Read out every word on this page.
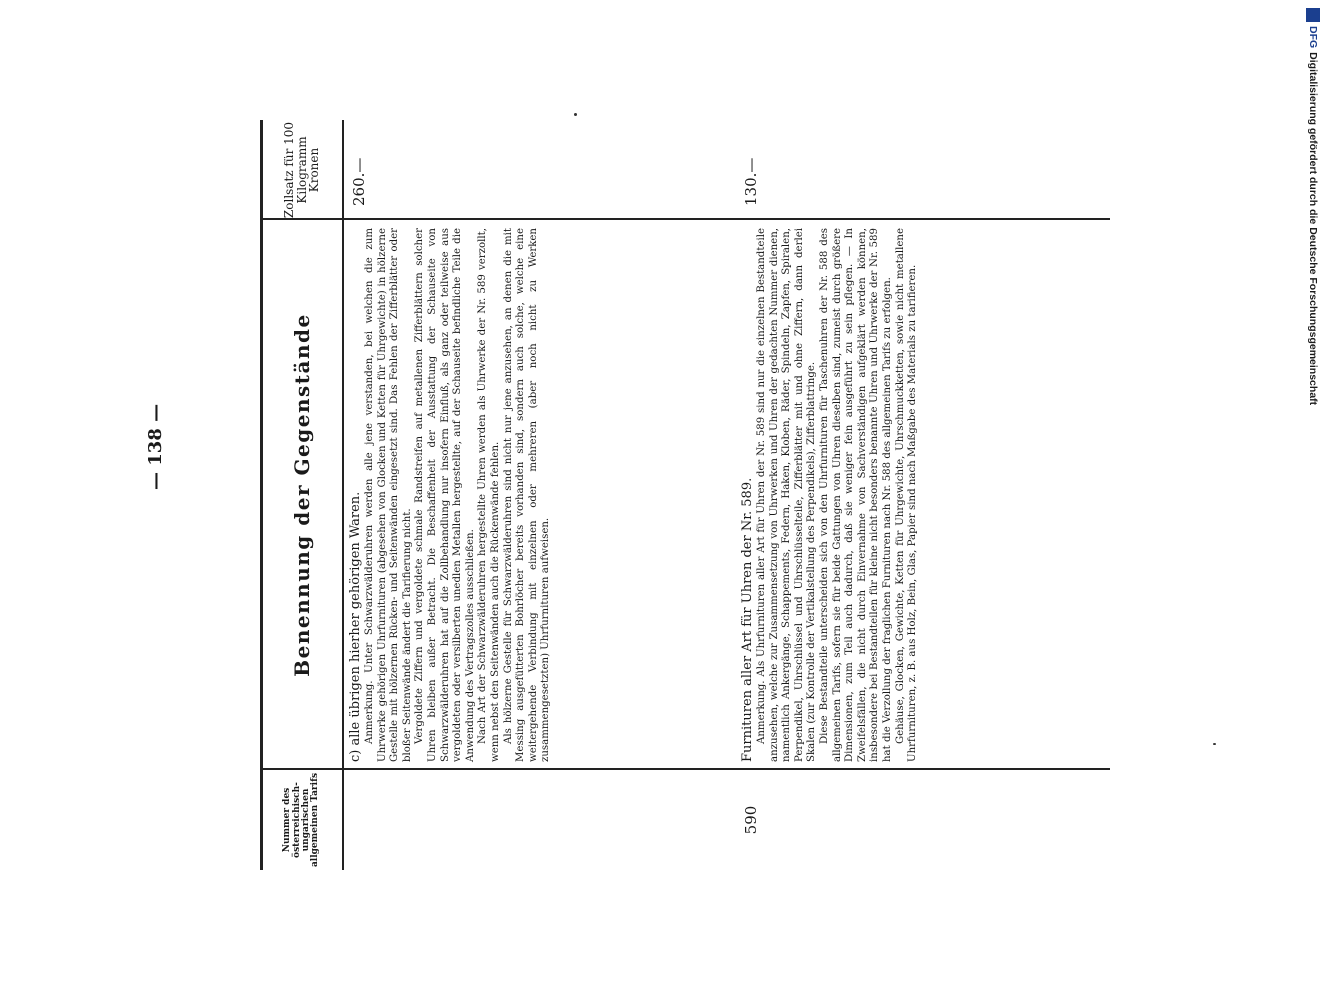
— 138 —
Nummer des österreichisch-ungarischen allgemeinen Tarifs
Benennung der Gegenstände
Zollsatz für 100 Kilogramm Kronen	260.—

c) alle übrigen hierher gehörigen Waren. Anmerkung. Unter Schwarzwälderuhren werden alle jene verstanden, bei welchen die zum Uhrwerke gehörigen Uhrfurnituren (abgesehen von Glocken und Ketten für Uhrgewichte) in hölzerne Gestelle mit hölzernen Rücken- und Seitenwänden eingesetzt sind. Das Fehlen der Zifferblätter oder bloßer Seitenwände ändert die Tarifierung nicht. Vergoldete Ziffern und vergoldete schmale Randstreifen auf metallenen Zifferblättern solcher Uhren bleiben außer Betracht. Die Beschaffenheit der Ausstattung der Schauseite von Schwarzwälderuhren hat auf die Zollbehandlung nur insofern Einfluß, als ganz oder teilweise aus vergoldeten oder versilberten unedlen Metallen hergestellte, auf der Schauseite befindliche Teile die Anwendung des Vertragszolles ausschließen. Nach Art der Schwarzwälderuhren hergestellte Uhren werden als Uhrwerke der Nr. 589 verzollt, wenn nebst den Seitenwänden auch die Rückenwände fehlen. Als hölzerne Gestelle für Schwarzwälderuhren sind nicht nur jene anzusehen, an denen die mit Messing ausgefütterten Bohrlöcher bereits vorhanden sind, sondern auch solche, welche eine weitergehende Verbindung mit einzelnen oder mehreren (aber noch nicht zu Werken zusammengesetzten) Uhrfurnituren aufweisen.

590
130.—

Furnituren aller Art für Uhren der Nr. 589. Anmerkung. Als Uhrfurnituren aller Art für Uhren der Nr. 589 sind nur die einzelnen Bestandteile anzusehen, welche zur Zusammensetzung von Uhrwerken und Uhren der gedachten Nummer dienen, namentlich Ankergänge, Schappements, Federn, Haken, Kloben, Räder, Spindeln, Zapfen, Spiralen, Perpendikel, Uhrschlüssel und Uhrschlüsselteile, Zifferblätter mit und ohne Ziffern, dann derlei Skalen (zur Kontrolle der Vertikalstellung des Perpendikels), Zifferblattringe. Diese Bestandteile unterscheiden sich von den Uhrfurnituren für Taschenuhren der Nr. 588 des allgemeinen Tarifs, sofern sie für beide Gattungen von Uhren dieselben sind, zumeist durch größere Dimensionen, zum Teil auch dadurch, daß sie weniger fein ausgeführt zu sein pflegen. — In Zweifelsfällen, die nicht durch Einvernahme von Sachverständigen aufgeklärt werden können, insbesondere bei Bestandteilen für kleine nicht besonders benannte Uhren und Uhrwerke der Nr. 589 hat die Verzollung der fraglichen Furnituren nach Nr. 588 des allgemeinen Tarifs zu erfolgen. Gehäuse, Glocken, Gewichte, Ketten für Uhrgewichte, Uhrschmuckketten, sowie nicht metallene Uhrfurnituren, z. B. aus Holz, Bein, Glas, Papier sind nach Maßgabe des Materials zu tarifieren.

DFGDigitalisierung gefördert durch die Deutsche Forschungsgemeinschaft
